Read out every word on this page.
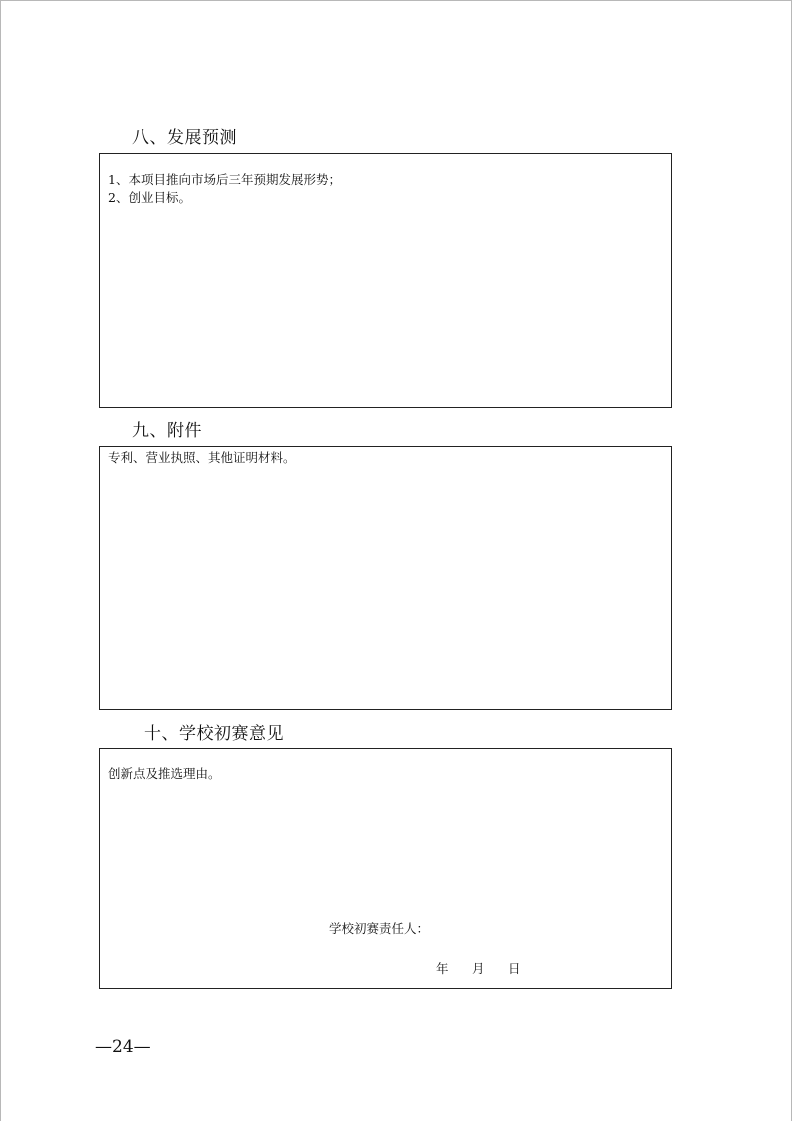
八、发展预测
1、本项目推向市场后三年预期发展形势；
2、创业目标。
九、附件
专利、营业执照、其他证明材料。
十、学校初赛意见
创新点及推选理由。
学校初赛责任人：
年 月 日
—24—
